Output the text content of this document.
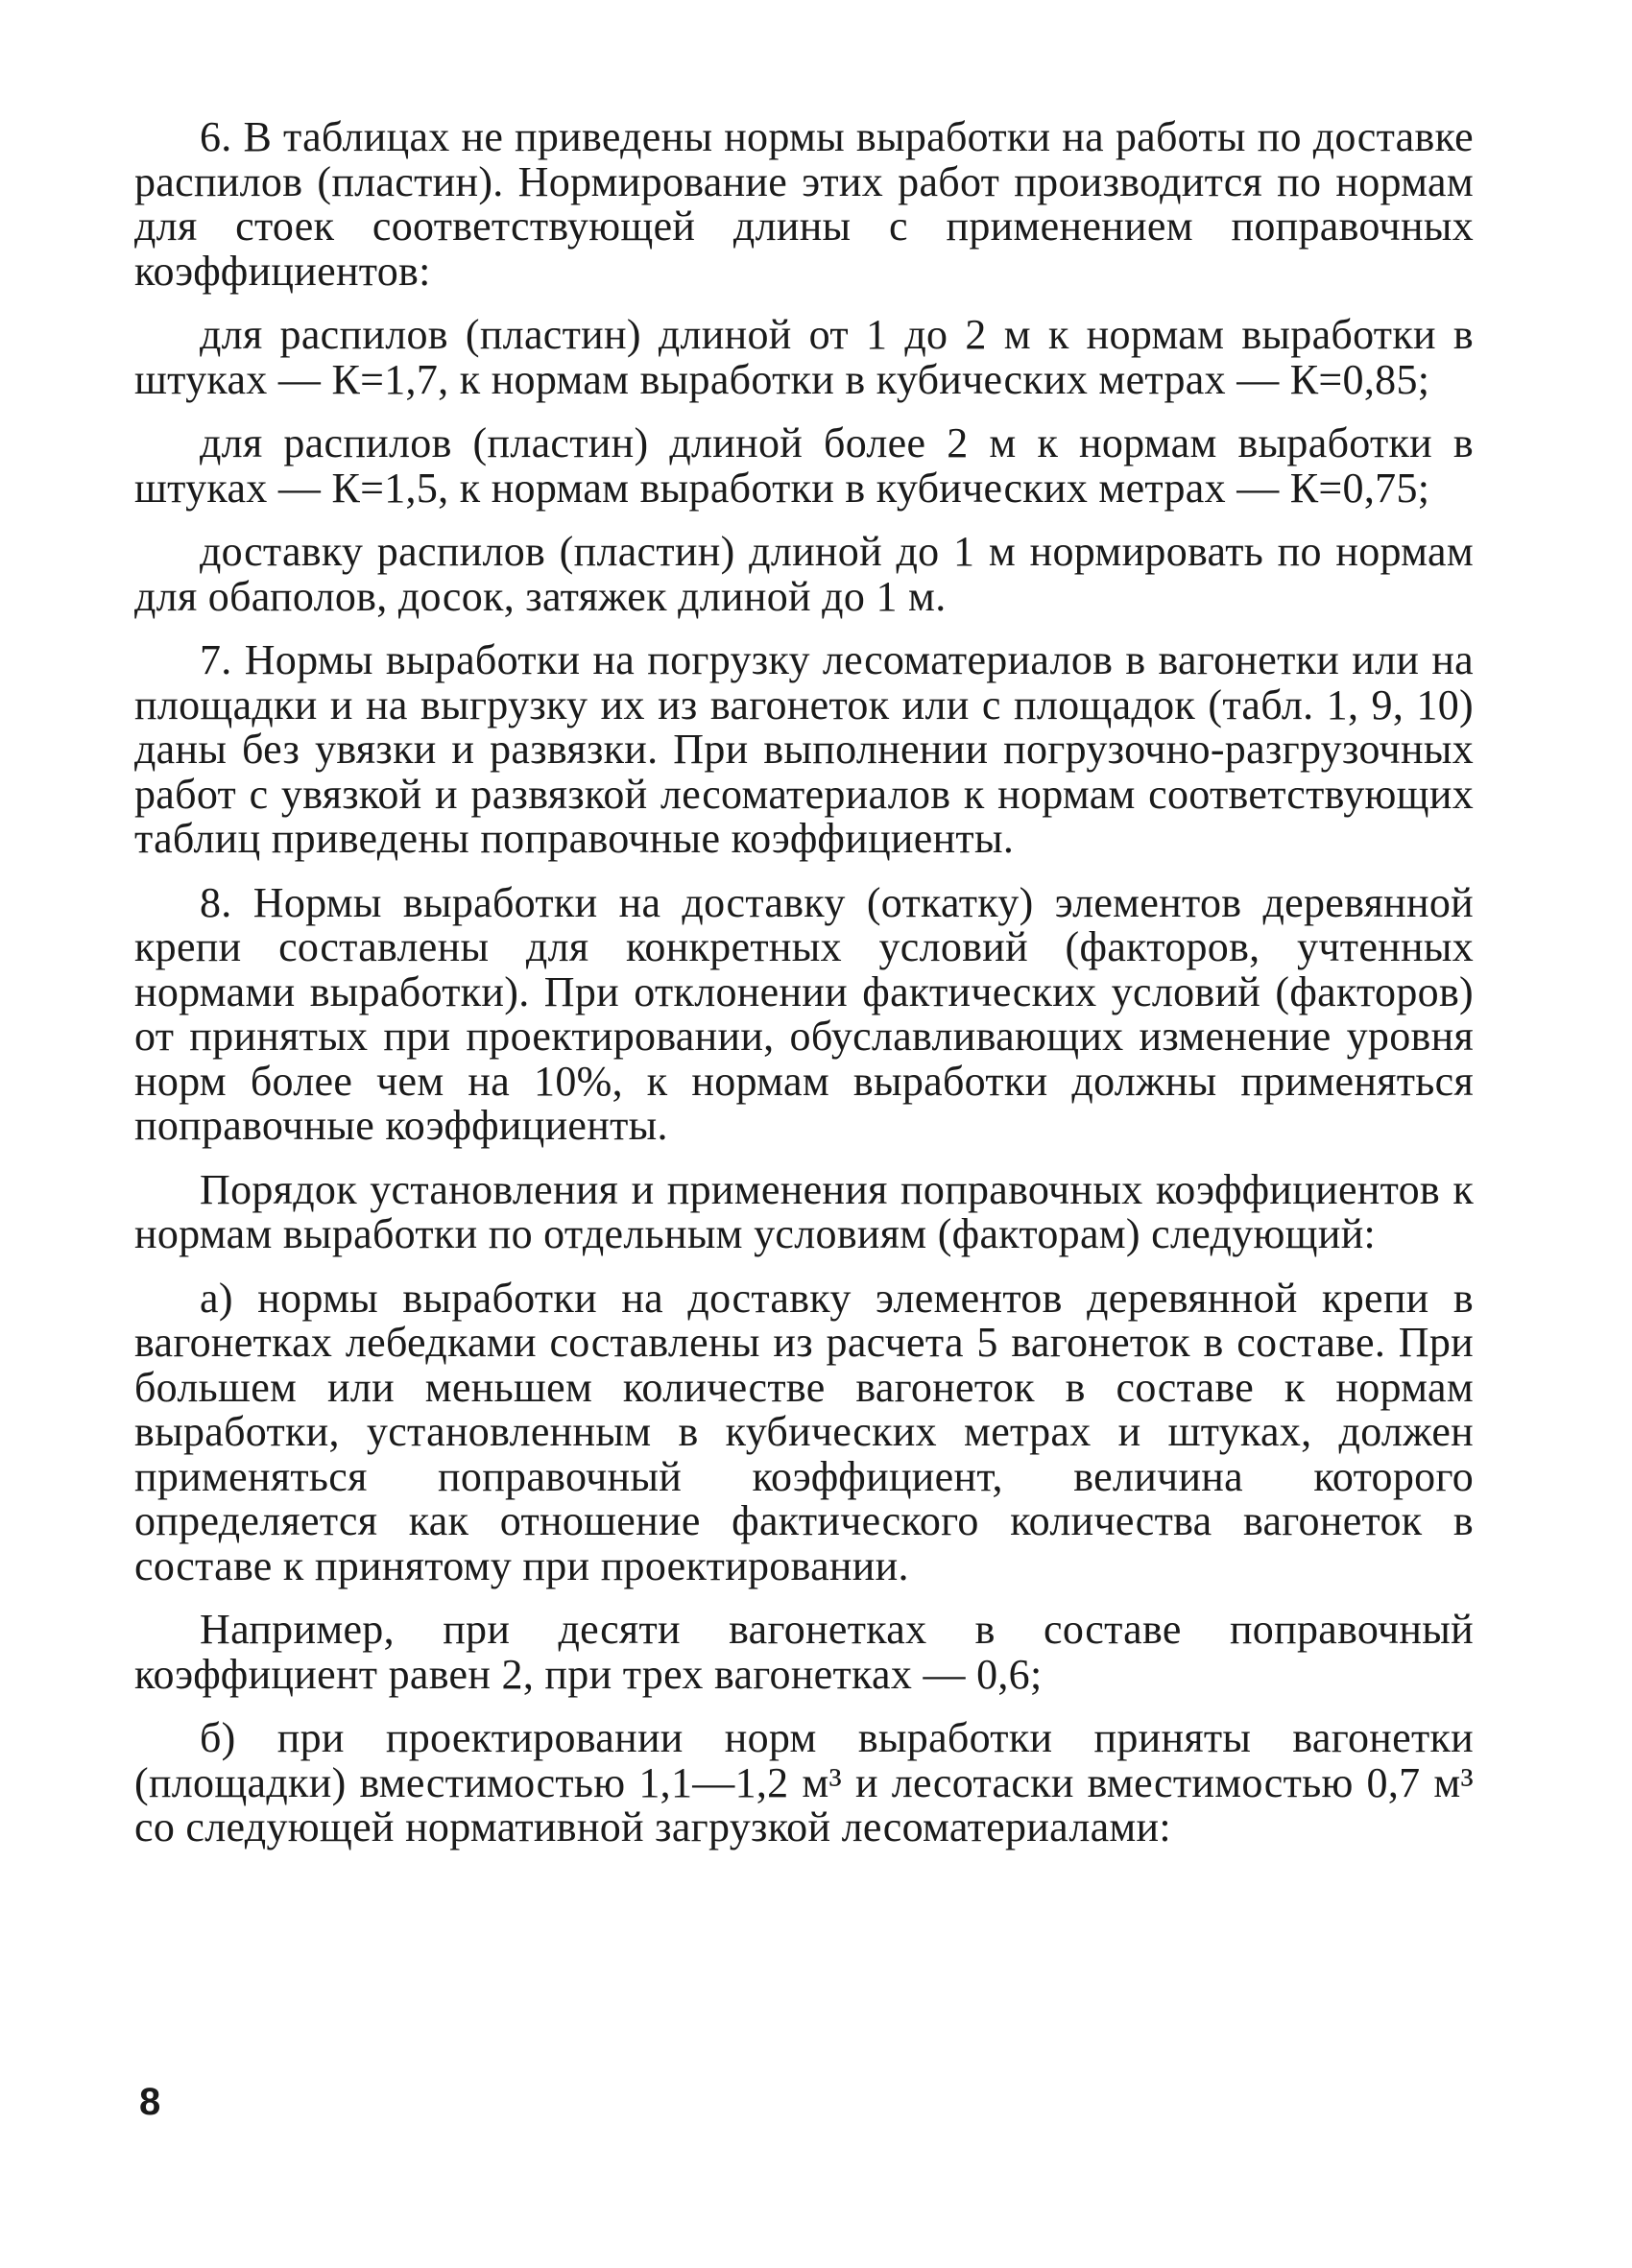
6. В таблицах не приведены нормы выработки на работы по доставке распилов (пластин). Нормирование этих работ производится по нормам для стоек соответствующей длины с применением поправочных коэффициентов:

для распилов (пластин) длиной от 1 до 2 м к нормам выработки в штуках — К=1,7, к нормам выработки в кубических метрах — К=0,85;

для распилов (пластин) длиной более 2 м к нормам выработки в штуках — К=1,5, к нормам выработки в кубических метрах — К=0,75;

доставку распилов (пластин) длиной до 1 м нормировать по нормам для обаполов, досок, затяжек длиной до 1 м.

7. Нормы выработки на погрузку лесоматериалов в вагонетки или на площадки и на выгрузку их из вагонеток или с площадок (табл. 1, 9, 10) даны без увязки и развязки. При выполнении погрузочно-разгрузочных работ с увязкой и развязкой лесоматериалов к нормам соответствующих таблиц приведены поправочные коэффициенты.

8. Нормы выработки на доставку (откатку) элементов деревянной крепи составлены для конкретных условий (факторов, учтенных нормами выработки). При отклонении фактических условий (факторов) от принятых при проектировании, обуславливающих изменение уровня норм более чем на 10%, к нормам выработки должны применяться поправочные коэффициенты.

Порядок установления и применения поправочных коэффициентов к нормам выработки по отдельным условиям (факторам) следующий:

а) нормы выработки на доставку элементов деревянной крепи в вагонетках лебедками составлены из расчета 5 вагонеток в составе. При большем или меньшем количестве вагонеток в составе к нормам выработки, установленным в кубических метрах и штуках, должен применяться поправочный коэффициент, величина которого определяется как отношение фактического количества вагонеток в составе к принятому при проектировании.

Например, при десяти вагонетках в составе поправочный коэффициент равен 2, при трех вагонетках — 0,6;

б) при проектировании норм выработки приняты вагонетки (площадки) вместимостью 1,1—1,2 м³ и лесотаски вместимостью 0,7 м³ со следующей нормативной загрузкой лесоматериалами:

8
